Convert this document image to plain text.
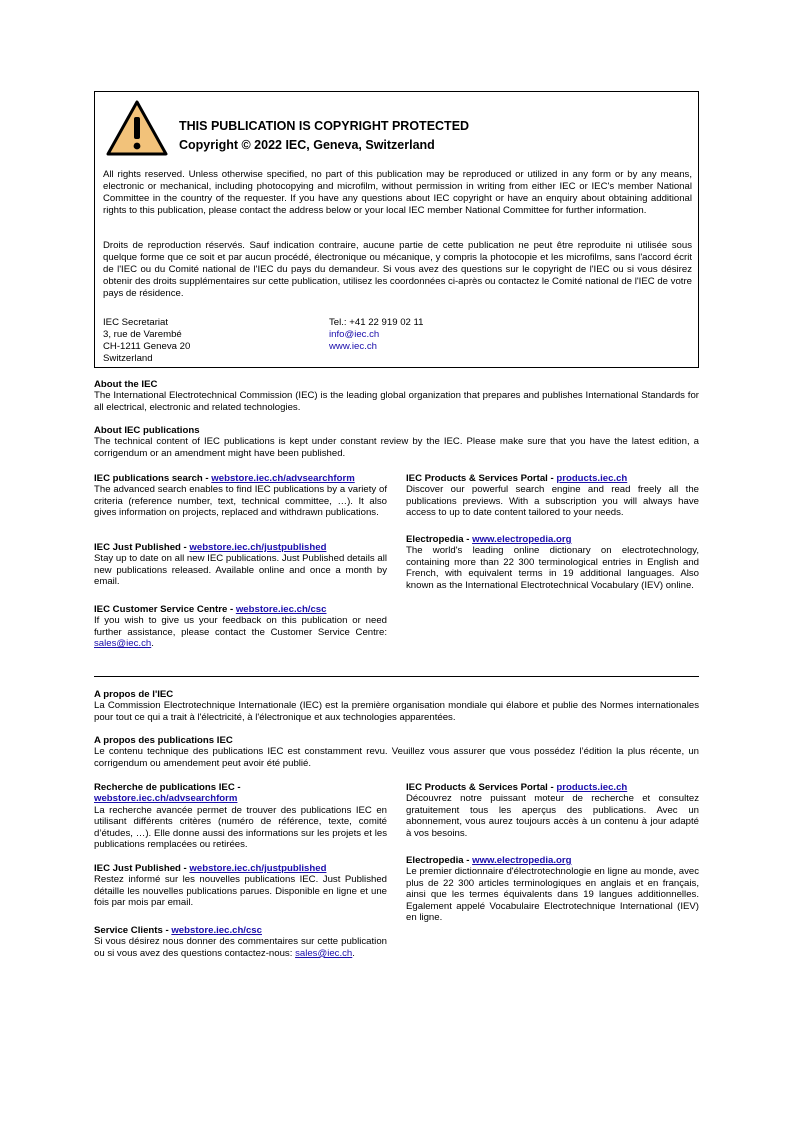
THIS PUBLICATION IS COPYRIGHT PROTECTED
Copyright © 2022 IEC, Geneva, Switzerland

All rights reserved. Unless otherwise specified, no part of this publication may be reproduced or utilized in any form or by any means, electronic or mechanical, including photocopying and microfilm, without permission in writing from either IEC or IEC's member National Committee in the country of the requester. If you have any questions about IEC copyright or have an enquiry about obtaining additional rights to this publication, please contact the address below or your local IEC member National Committee for further information.

Droits de reproduction réservés. Sauf indication contraire, aucune partie de cette publication ne peut être reproduite ni utilisée sous quelque forme que ce soit et par aucun procédé, électronique ou mécanique, y compris la photocopie et les microfilms, sans l'accord écrit de l'IEC ou du Comité national de l'IEC du pays du demandeur. Si vous avez des questions sur le copyright de l'IEC ou si vous désirez obtenir des droits supplémentaires sur cette publication, utilisez les coordonnées ci-après ou contactez le Comité national de l'IEC de votre pays de résidence.

IEC Secretariat
3, rue de Varembé
CH-1211 Geneva 20
Switzerland
Tel.: +41 22 919 02 11
info@iec.ch
www.iec.ch
About the IEC

The International Electrotechnical Commission (IEC) is the leading global organization that prepares and publishes International Standards for all electrical, electronic and related technologies.

About IEC publications

The technical content of IEC publications is kept under constant review by the IEC. Please make sure that you have the latest edition, a corrigendum or an amendment might have been published.

IEC publications search - webstore.iec.ch/advsearchform

The advanced search enables to find IEC publications by a variety of criteria (reference number, text, technical committee, …). It also gives information on projects, replaced and withdrawn publications.

IEC Just Published - webstore.iec.ch/justpublished

Stay up to date on all new IEC publications. Just Published details all new publications released. Available online and once a month by email.

IEC Customer Service Centre - webstore.iec.ch/csc

If you wish to give us your feedback on this publication or need further assistance, please contact the Customer Service Centre: sales@iec.ch.

IEC Products & Services Portal - products.iec.ch

Discover our powerful search engine and read freely all the publications previews. With a subscription you will always have access to up to date content tailored to your needs.

Electropedia - www.electropedia.org

The world's leading online dictionary on electrotechnology, containing more than 22 300 terminological entries in English and French, with equivalent terms in 19 additional languages. Also known as the International Electrotechnical Vocabulary (IEV) online.

A propos de l'IEC

La Commission Electrotechnique Internationale (IEC) est la première organisation mondiale qui élabore et publie des Normes internationales pour tout ce qui a trait à l'électricité, à l'électronique et aux technologies apparentées.

A propos des publications IEC

Le contenu technique des publications IEC est constamment revu. Veuillez vous assurer que vous possédez l’édition la plus récente, un corrigendum ou amendement peut avoir été publié.

Recherche de publications IEC -
webstore.iec.ch/advsearchform

La recherche avancée permet de trouver des publications IEC en utilisant différents critères (numéro de référence, texte, comité d’études, …). Elle donne aussi des informations sur les projets et les publications remplacées ou retirées.

IEC Just Published - webstore.iec.ch/justpublished

Restez informé sur les nouvelles publications IEC. Just Published détaille les nouvelles publications parues. Disponible en ligne et une fois par mois par email.

Service Clients - webstore.iec.ch/csc

Si vous désirez nous donner des commentaires sur cette publication ou si vous avez des questions contactez-nous: sales@iec.ch.

IEC Products & Services Portal - products.iec.ch

Découvrez notre puissant moteur de recherche et consultez gratuitement tous les aperçus des publications. Avec un abonnement, vous aurez toujours accès à un contenu à jour adapté à vos besoins.

Electropedia - www.electropedia.org

Le premier dictionnaire d'électrotechnologie en ligne au monde, avec plus de 22 300 articles terminologiques en anglais et en français, ainsi que les termes équivalents dans 19 langues additionnelles. Egalement appelé Vocabulaire Electrotechnique International (IEV) en ligne.
